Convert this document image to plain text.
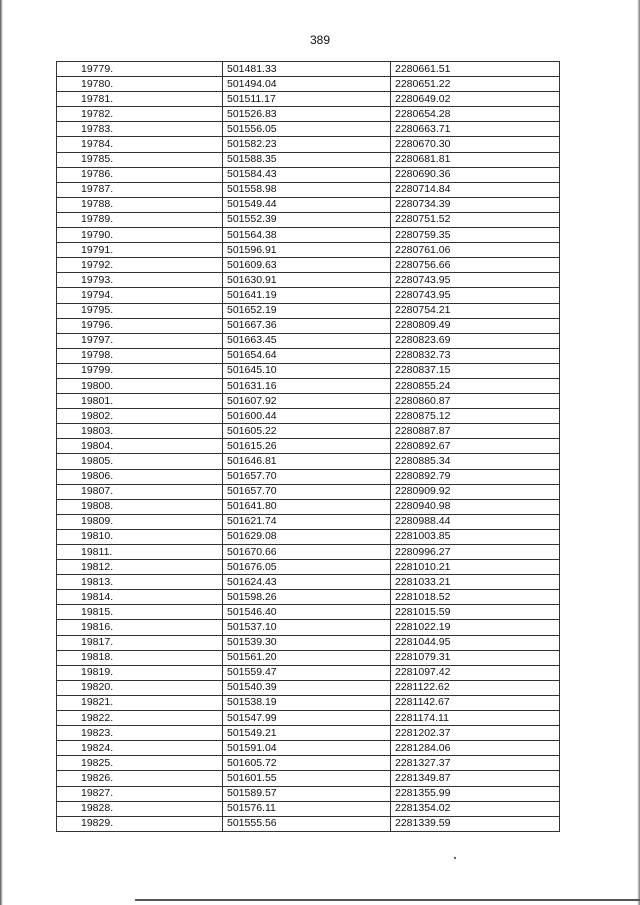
389
19779.	501481.33	2280661.51
19780.	501494.04	2280651.22
19781.	501511.17	2280649.02
19782.	501526.83	2280654.28
19783.	501556.05	2280663.71
19784.	501582.23	2280670.30
19785.	501588.35	2280681.81
19786.	501584.43	2280690.36
19787.	501558.98	2280714.84
19788.	501549.44	2280734.39
19789.	501552.39	2280751.52
19790.	501564.38	2280759.35
19791.	501596.91	2280761.06
19792.	501609.63	2280756.66
19793.	501630.91	2280743.95
19794.	501641.19	2280743.95
19795.	501652.19	2280754.21
19796.	501667.36	2280809.49
19797.	501663.45	2280823.69
19798.	501654.64	2280832.73
19799.	501645.10	2280837.15
19800.	501631.16	2280855.24
19801.	501607.92	2280860.87
19802.	501600.44	2280875.12
19803.	501605.22	2280887.87
19804.	501615.26	2280892.67
19805.	501646.81	2280885.34
19806.	501657.70	2280892.79
19807.	501657.70	2280909.92
19808.	501641.80	2280940.98
19809.	501621.74	2280988.44
19810.	501629.08	2281003.85
19811.	501670.66	2280996.27
19812.	501676.05	2281010.21
19813.	501624.43	2281033.21
19814.	501598.26	2281018.52
19815.	501546.40	2281015.59
19816.	501537.10	2281022.19
19817.	501539.30	2281044.95
19818.	501561.20	2281079.31
19819.	501559.47	2281097.42
19820.	501540.39	2281122.62
19821.	501538.19	2281142.67
19822.	501547.99	2281174.11
19823.	501549.21	2281202.37
19824.	501591.04	2281284.06
19825.	501605.72	2281327.37
19826.	501601.55	2281349.87
19827.	501589.57	2281355.99
19828.	501576.11	2281354.02
19829.	501555.56	2281339.59
